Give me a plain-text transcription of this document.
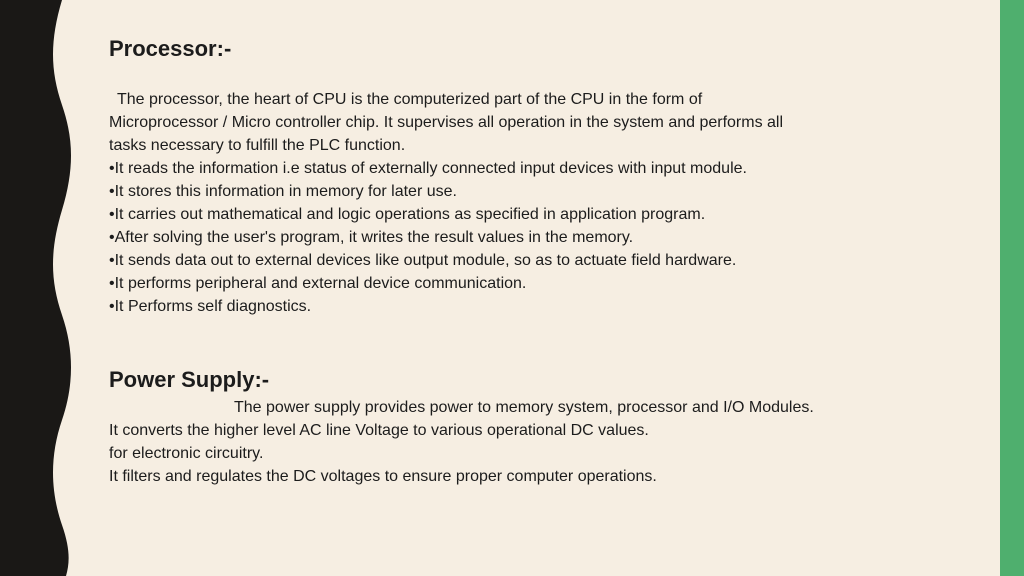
Processor:-

The processor, the heart of CPU is the computerized part of the CPU in the form of

Microprocessor / Micro controller chip. It supervises all operation in the system and performs all

tasks necessary to fulfill the PLC function.

• It reads the information i.e status of externally connected input devices with input module.
• It stores this information in memory for later use.
• It carries out mathematical and logic operations as specified in application program.
• After solving the user's program, it writes the result values in the memory.
• It sends data out to external devices like output module, so as to actuate field hardware.
• It performs peripheral and external device communication.
• It Performs self diagnostics.
Power Supply:-

The power supply provides power to memory system, processor and I/O Modules.

It converts the higher level AC line Voltage to various operational DC values.

for electronic circuitry.

It filters and regulates the DC voltages to ensure proper computer operations.
